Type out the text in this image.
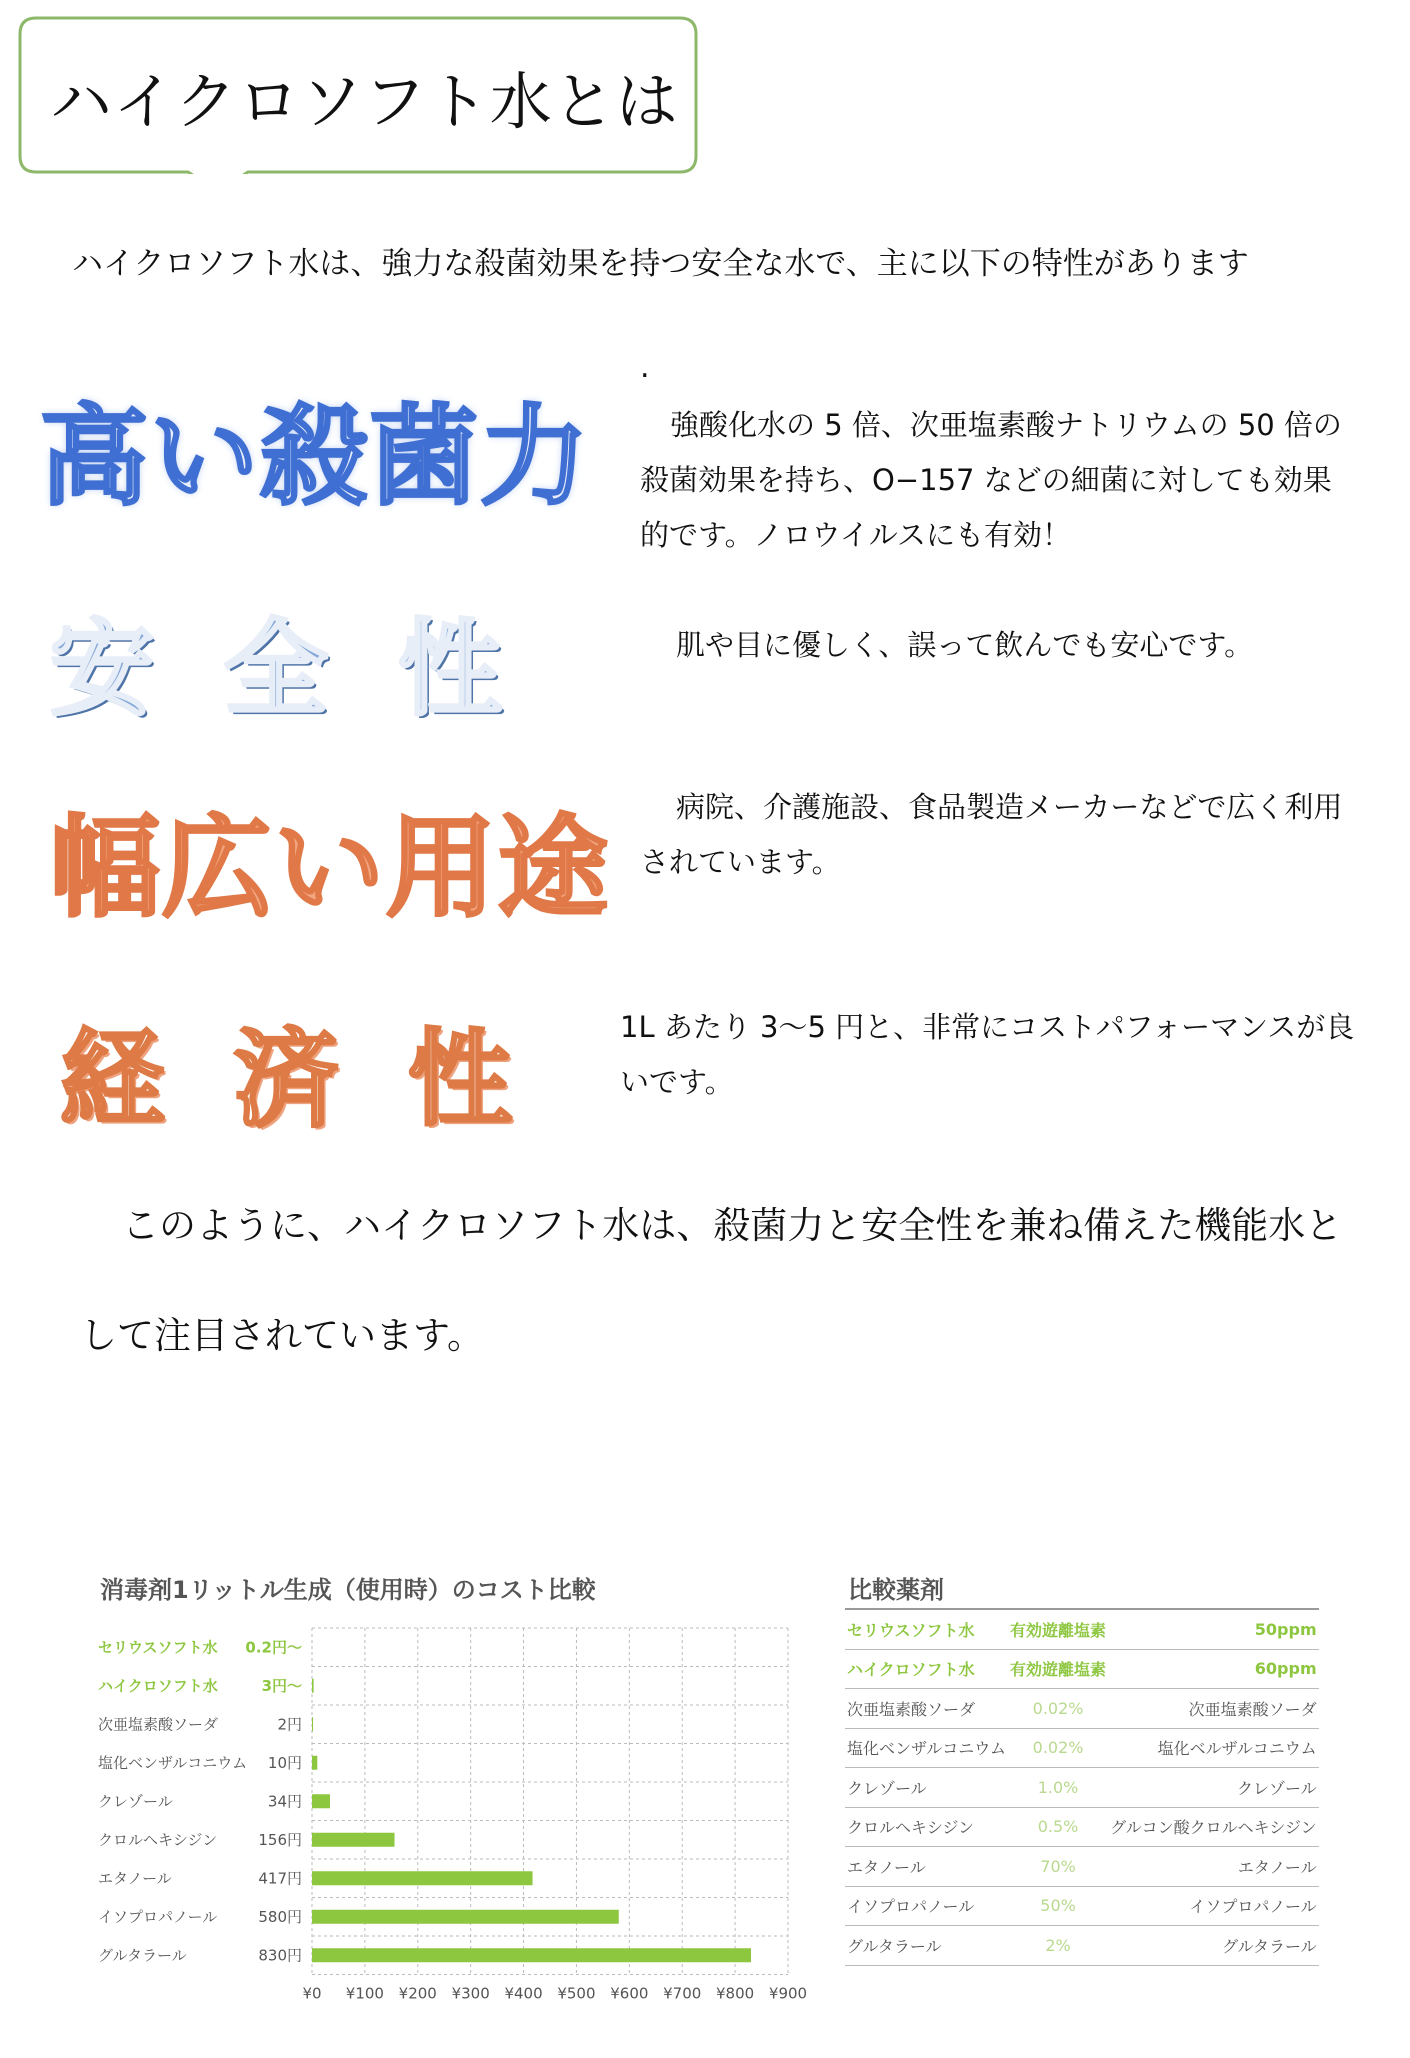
ハイクロソフト水とは
ハイクロソフト水は、強力な殺菌効果を持つ安全な水で、主に以下の特性があります
高い殺菌力
安全性
幅広い用途
経済性
.
強酸化水の 5 倍、次亜塩素酸ナトリウムの 50 倍の
殺菌効果を持ち、O−157 などの細菌に対しても効果
的です。ノロウイルスにも有効！
肌や目に優しく、誤って飲んでも安心です。
病院、介護施設、食品製造メーカーなどで広く利用
されています。
1L あたり 3〜5 円と、非常にコストパフォーマンスが良
いです。
このように、ハイクロソフト水は、殺菌力と安全性を兼ね備えた機能水と
して注目されています。
消毒剤1リットル生成（使用時）のコスト比較
¥0 ¥100 ¥200 ¥300 ¥400 ¥500 ¥600 ¥700 ¥800 ¥900
セリウスソフト水 0.2円〜
ハイクロソフト水	3円〜
次亜塩素酸ソーダ	2円
塩化ベンザルコニウム 10円
クレゾール	34円
クロルヘキシジン	156円
エタノール	417円
イソプロパノール	580円
グルタラール	830円
比較薬剤
セリウスソフト水	有効遊離塩素	50ppm
ハイクロソフト水	有効遊離塩素	60ppm
次亜塩素酸ソーダ	0.02%	次亜塩素酸ソーダ
塩化ベンザルコニウム	0.02%	塩化ベルザルコニウム
クレゾール	1.0%	クレゾール
クロルヘキシジン	0.5%	グルコン酸クロルヘキシジン
エタノール	70%	エタノール
イソプロパノール	50%	イソプロパノール
グルタラール	2%	グルタラール
